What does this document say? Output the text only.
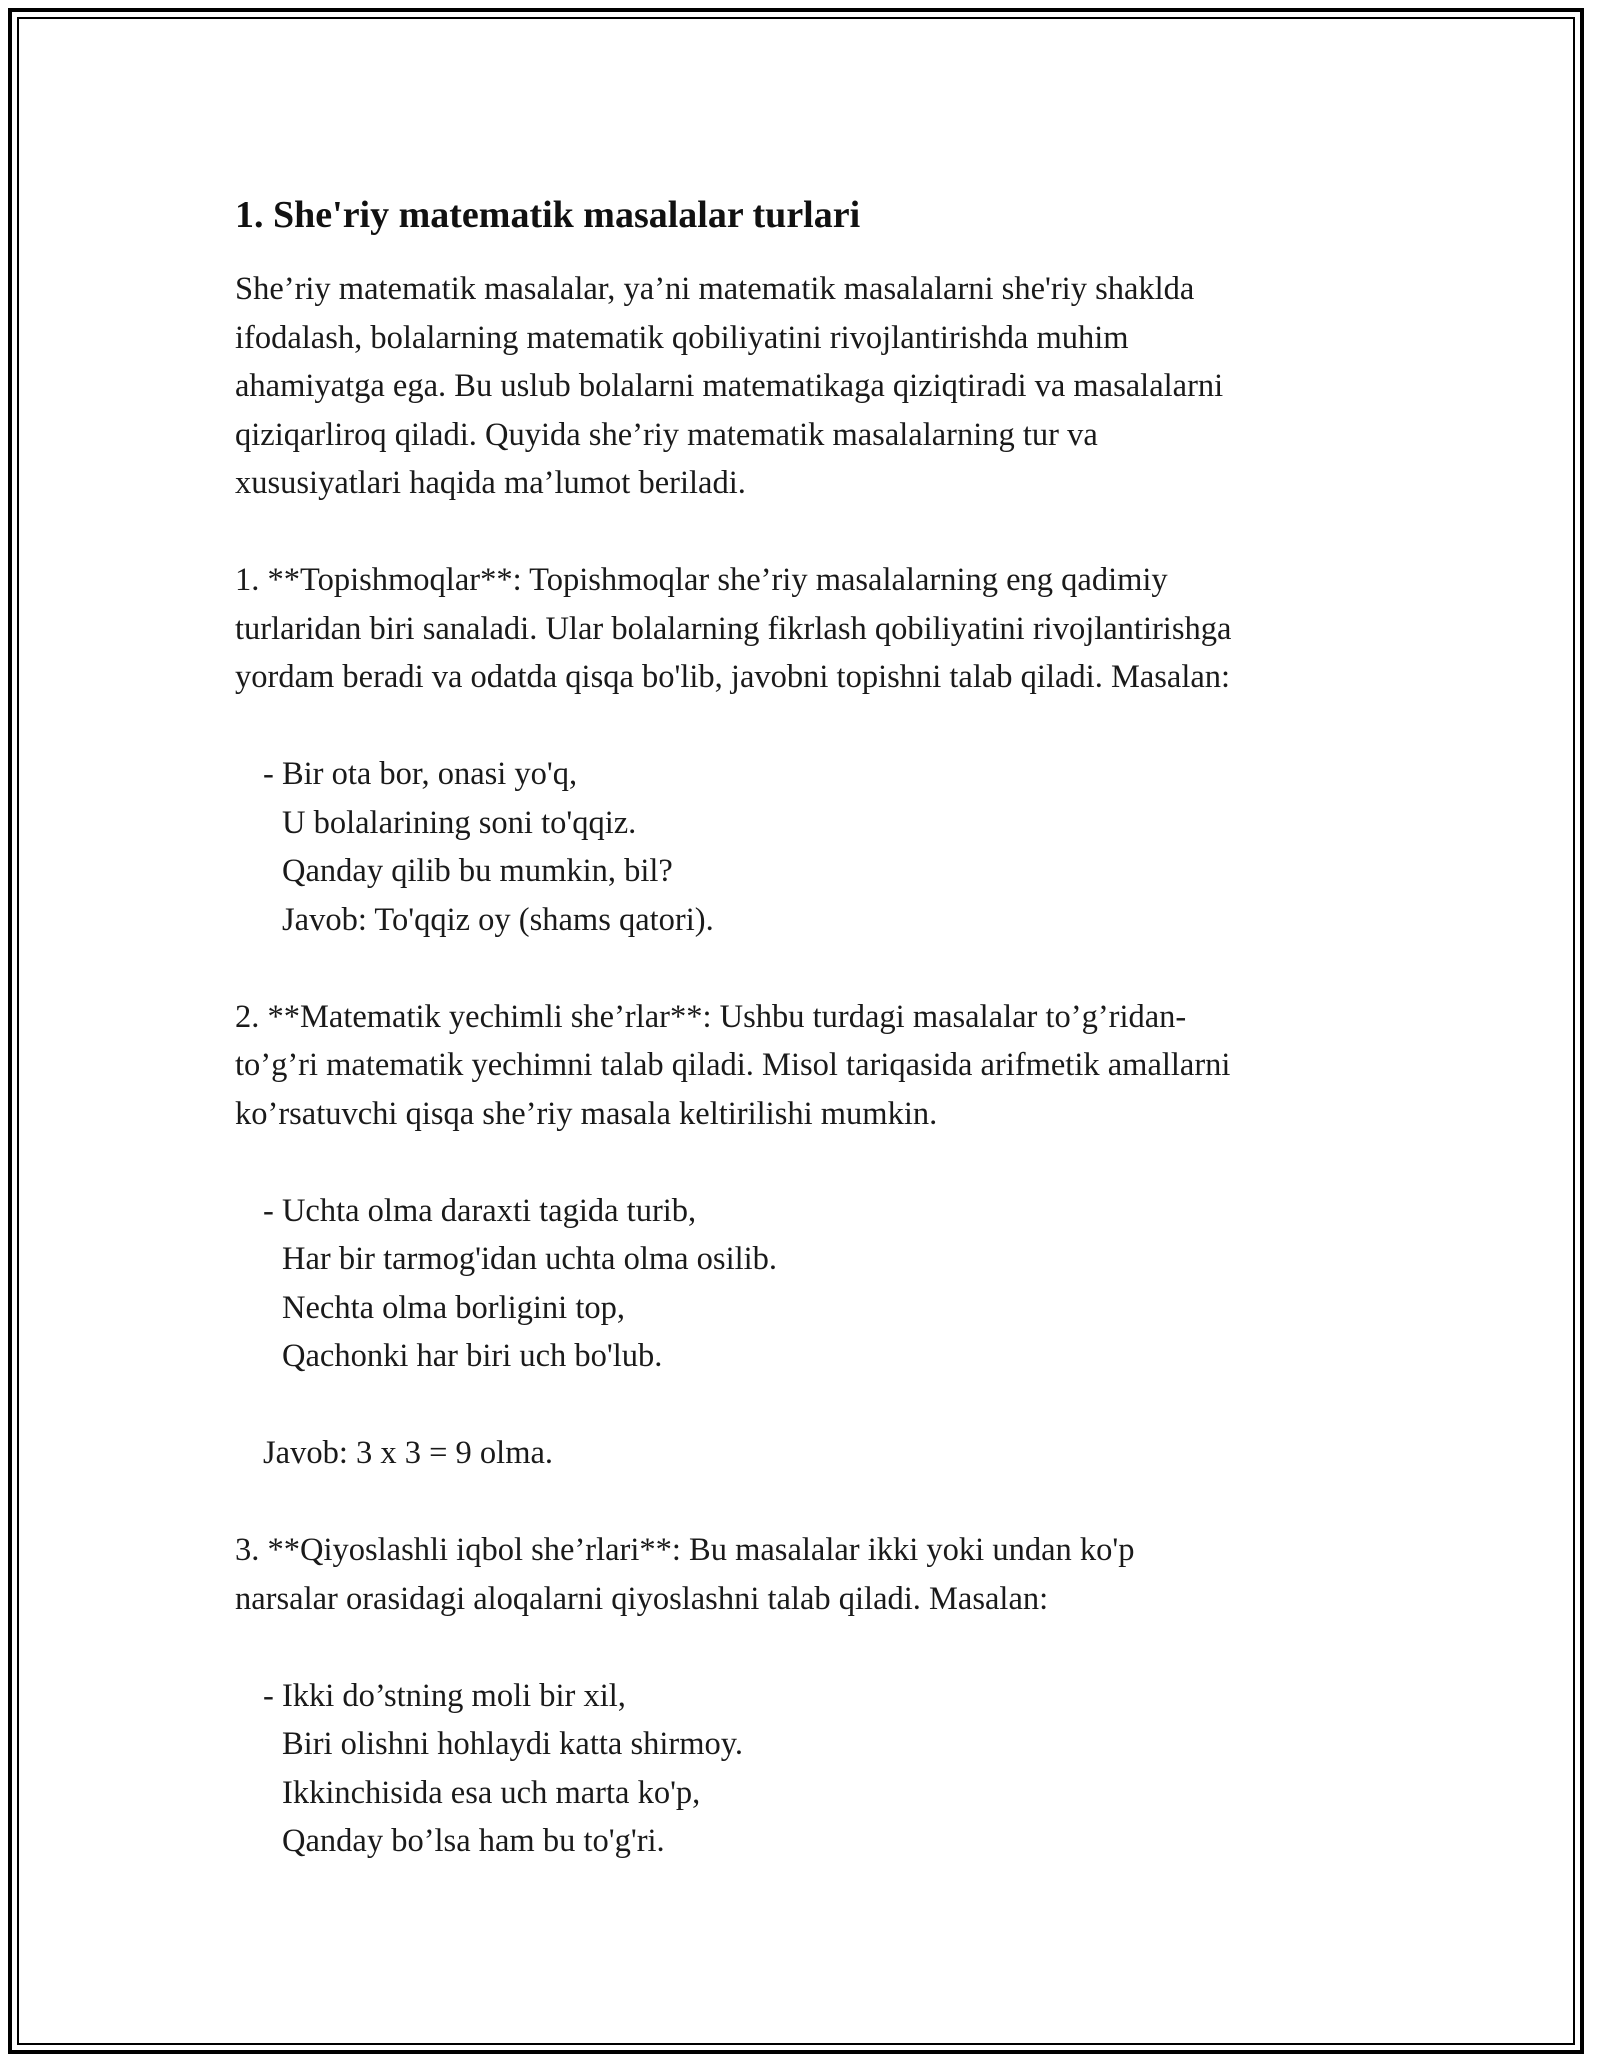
1. She'riy matematik masalalar turlari
She’riy matematik masalalar, ya’ni matematik masalalarni she'riy shaklda
ifodalash, bolalarning matematik qobiliyatini rivojlantirishda muhim
ahamiyatga ega. Bu uslub bolalarni matematikaga qiziqtiradi va masalalarni
qiziqarliroq qiladi. Quyida she’riy matematik masalalarning tur va
xususiyatlari haqida ma’lumot beriladi.
1. **Topishmoqlar**: Topishmoqlar she’riy masalalarning eng qadimiy
turlaridan biri sanaladi. Ular bolalarning fikrlash qobiliyatini rivojlantirishga
yordam beradi va odatda qisqa bo'lib, javobni topishni talab qiladi. Masalan:
- Bir ota bor, onasi yo'q,
U bolalarining soni to'qqiz.
Qanday qilib bu mumkin, bil?
Javob: To'qqiz oy (shams qatori).
2. **Matematik yechimli she’rlar**: Ushbu turdagi masalalar to’g’ridan-
to’g’ri matematik yechimni talab qiladi. Misol tariqasida arifmetik amallarni
ko’rsatuvchi qisqa she’riy masala keltirilishi mumkin.
- Uchta olma daraxti tagida turib,
Har bir tarmog'idan uchta olma osilib.
Nechta olma borligini top,
Qachonki har biri uch bo'lub.
Javob: 3 x 3 = 9 olma.
3. **Qiyoslashli iqbol she’rlari**: Bu masalalar ikki yoki undan ko'p
narsalar orasidagi aloqalarni qiyoslashni talab qiladi. Masalan:
- Ikki do’stning moli bir xil,
Biri olishni hohlaydi katta shirmoy.
Ikkinchisida esa uch marta ko'p,
Qanday bo’lsa ham bu to'g'ri.
